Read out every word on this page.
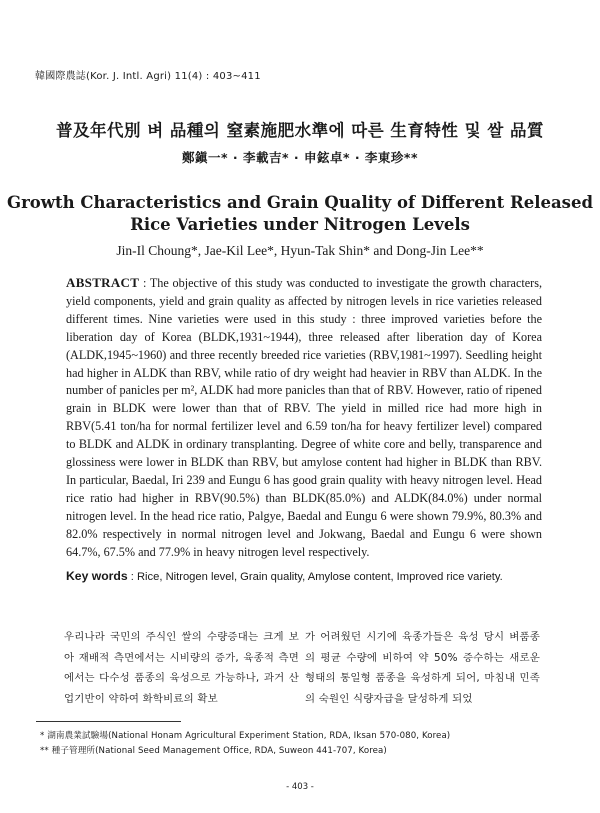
韓國際農誌(Kor. J. Intl. Agri) 11(4) : 403~411
普及年代別 벼 品種의 窒素施肥水準에 따른 生育特性 및 쌀 品質
鄭鎭一* · 李載吉* · 申鉉卓* · 李東珍**
Growth Characteristics and Grain Quality of Different Released
Rice Varieties under Nitrogen Levels
Jin-Il Choung*, Jae-Kil Lee*, Hyun-Tak Shin* and Dong-Jin Lee**
ABSTRACT : The objective of this study was conducted to investigate the growth characters, yield components, yield and grain quality as affected by nitrogen levels in rice varieties released different times. Nine varieties were used in this study : three improved varieties before the liberation day of Korea (BLDK,1931~1944), three released after liberation day of Korea (ALDK,1945~1960) and three recently breeded rice varieties (RBV,1981~1997). Seedling height had higher in ALDK than RBV, while ratio of dry weight had heavier in RBV than ALDK. In the number of panicles per m², ALDK had more panicles than that of RBV. However, ratio of ripened grain in BLDK were lower than that of RBV. The yield in milled rice had more high in RBV(5.41 ton/ha for normal fertilizer level and 6.59 ton/ha for heavy fertilizer level) compared to BLDK and ALDK in ordinary transplanting. Degree of white core and belly, transparence and glossiness were lower in BLDK than RBV, but amylose content had higher in BLDK than RBV. In particular, Baedal, Iri 239 and Eungu 6 has good grain quality with heavy nitrogen level. Head rice ratio had higher in RBV(90.5%) than BLDK(85.0%) and ALDK(84.0%) under normal nitrogen level. In the head rice ratio, Palgye, Baedal and Eungu 6 were shown 79.9%, 80.3% and 82.0% respectively in normal nitrogen level and Jokwang, Baedal and Eungu 6 were shown 64.7%, 67.5% and 77.9% in heavy nitrogen level respectively.
Key words : Rice, Nitrogen level, Grain quality, Amylose content, Improved rice variety.

우리나라 국민의 주식인 쌀의 수량증대는 크게 보아 재배적 측면에서는 시비량의 증가, 육종적 측면에서는 다수성 품종의 육성으로 가능하나, 과거 산업기반이 약하여 화학비료의 확보

가 어려웠던 시기에 육종가들은 육성 당시 벼품종의 평균 수량에 비하여 약 50% 증수하는 새로운 형태의 통일형 품종을 육성하게 되어, 마침내 민족의 숙원인 식량자급을 달성하게 되었

* 湖南農業試驗場(National Honam Agricultural Experiment Station, RDA, Iksan 570-080, Korea)
** 種子管理所(National Seed Management Office, RDA, Suweon 441-707, Korea)
- 403 -
